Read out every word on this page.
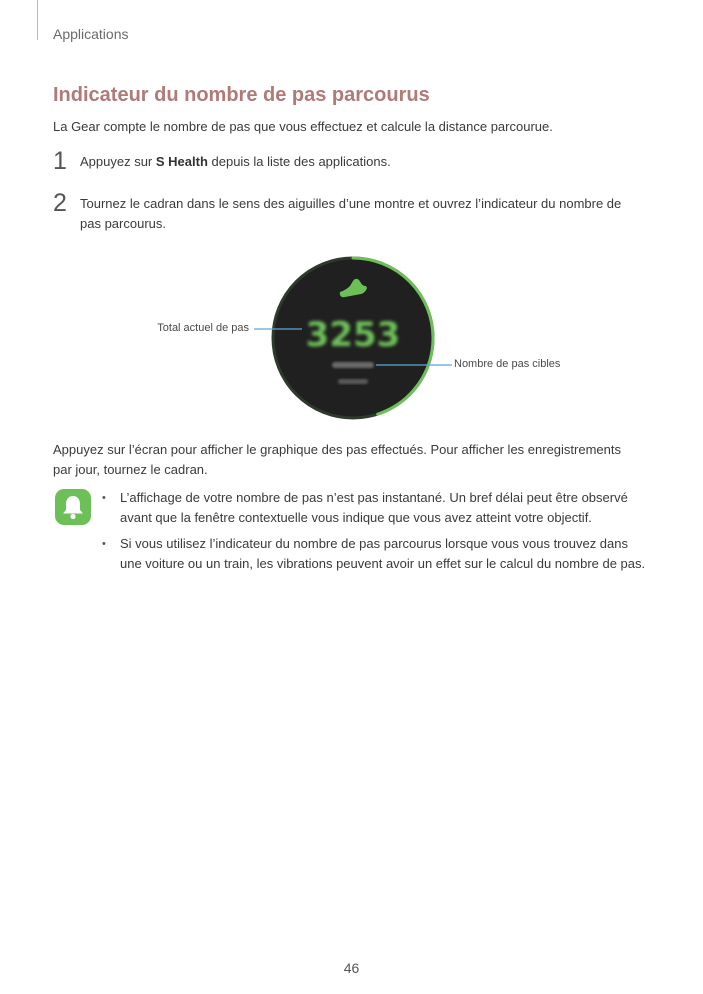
Applications
Indicateur du nombre de pas parcourus
La Gear compte le nombre de pas que vous effectuez et calcule la distance parcourue.
1 Appuyez sur S Health depuis la liste des applications.
2 Tournez le cadran dans le sens des aiguilles d’une montre et ouvrez l’indicateur du nombre de pas parcourus.
3253
Total actuel de pas
Nombre de pas cibles
Appuyez sur l’écran pour afficher le graphique des pas effectués. Pour afficher les enregistrements par jour, tournez le cadran.
• L’affichage de votre nombre de pas n’est pas instantané. Un bref délai peut être observé avant que la fenêtre contextuelle vous indique que vous avez atteint votre objectif.
• Si vous utilisez l’indicateur du nombre de pas parcourus lorsque vous vous trouvez dans une voiture ou un train, les vibrations peuvent avoir un effet sur le calcul du nombre de pas.
46
